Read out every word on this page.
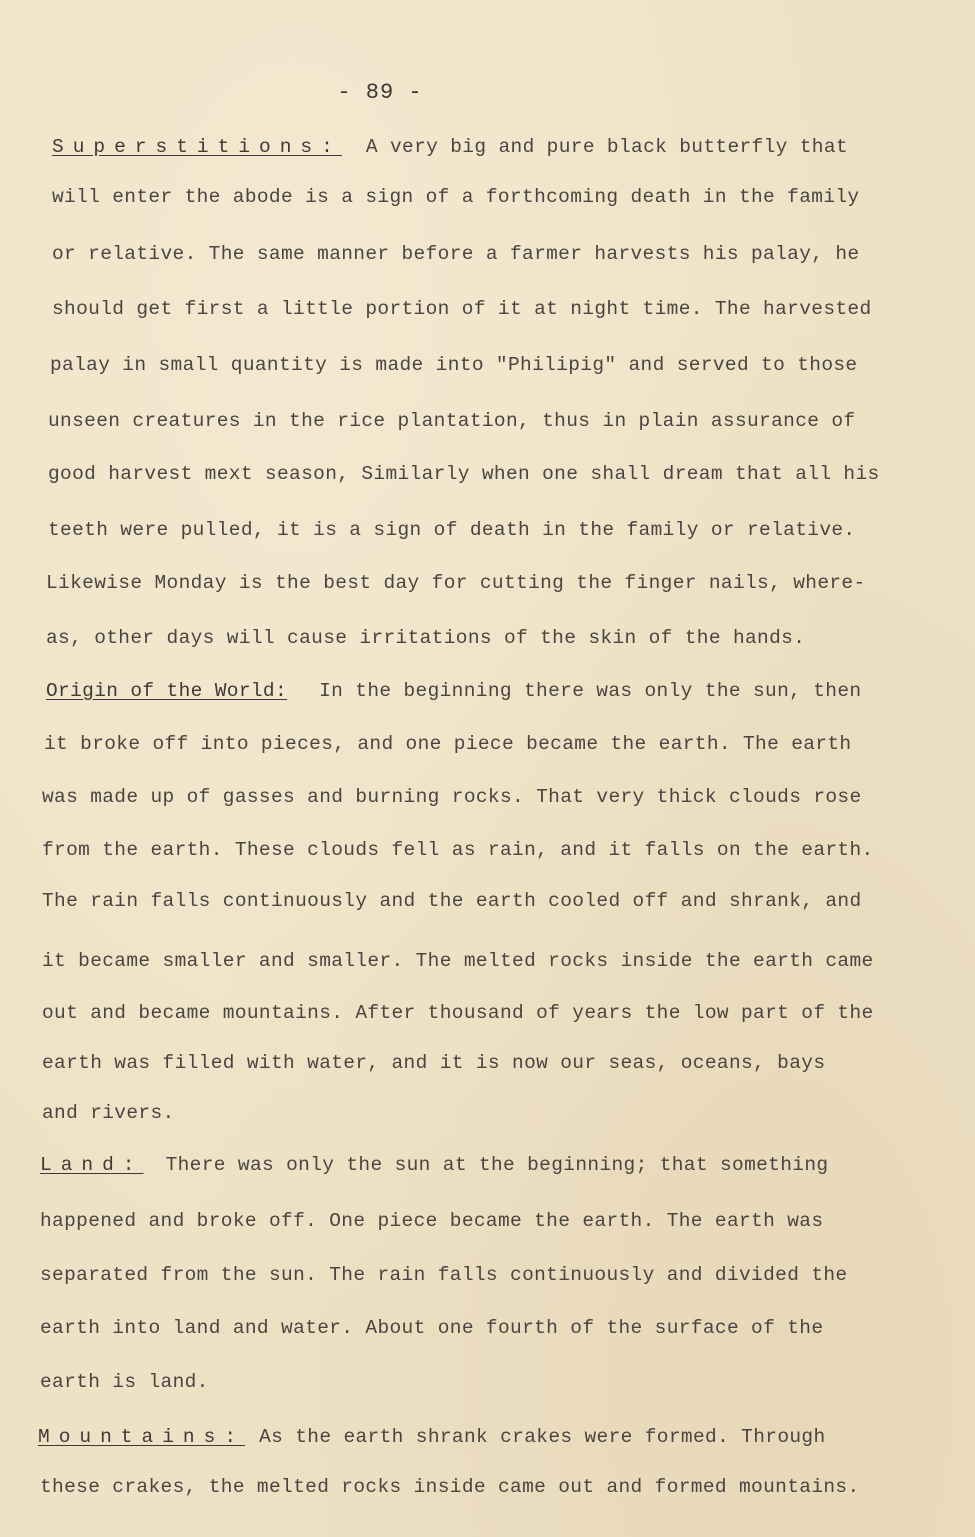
- 89 -
Superstitions: A very big and pure black butterfly that
will enter the abode is a sign of a forthcoming death in the family
or relative. The same manner before a farmer harvests his palay, he
should get first a little portion of it at night time. The harvested
palay in small quantity is made into "Philipig" and served to those
unseen creatures in the rice plantation, thus in plain assurance of
good harvest mext season, Similarly when one shall dream that all his
teeth were pulled, it is a sign of death in the family or relative.
Likewise Monday is the best day for cutting the finger nails, where-
as, other days will cause irritations of the skin of the hands.
Origin of the World: In the beginning there was only the sun, then
it broke off into pieces, and one piece became the earth. The earth
was made up of gasses and burning rocks. That very thick clouds rose
from the earth. These clouds fell as rain, and it falls on the earth.
The rain falls continuously and the earth cooled off and shrank, and
it became smaller and smaller. The melted rocks inside the earth came
out and became mountains. After thousand of years the low part of the
earth was filled with water, and it is now our seas, oceans, bays
and rivers.
Land: There was only the sun at the beginning; that something
happened and broke off. One piece became the earth. The earth was
separated from the sun. The rain falls continuously and divided the
earth into land and water. About one fourth of the surface of the
earth is land.
Mountains: As the earth shrank crakes were formed. Through
these crakes, the melted rocks inside came out and formed mountains.
